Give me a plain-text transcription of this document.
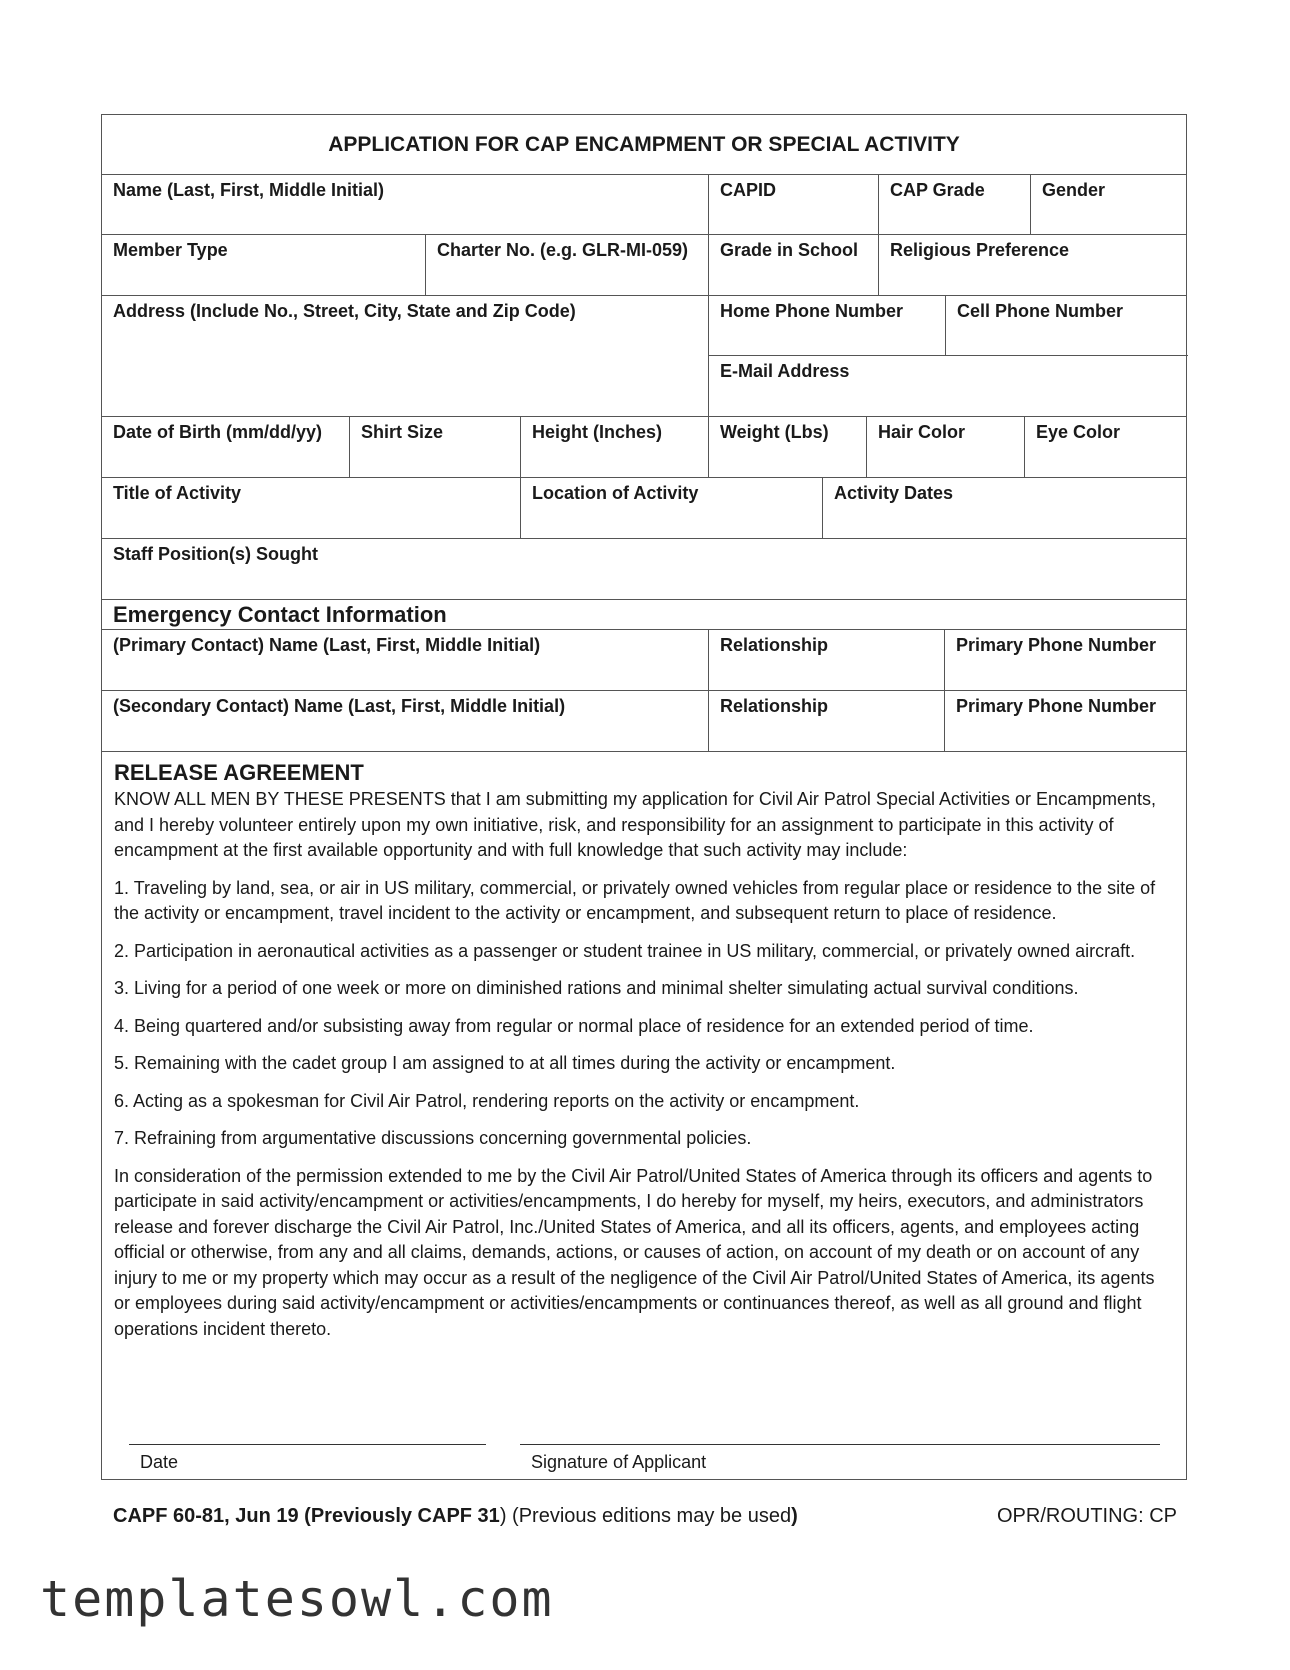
APPLICATION FOR CAP ENCAMPMENT OR SPECIAL ACTIVITY
Name (Last, First, Middle Initial)	CAPID	CAP Grade	Gender
Member Type	Charter No. (e.g. GLR-MI-059)	Grade in School	Religious Preference
Address (Include No., Street, City, State and Zip Code)	Home Phone Number	Cell Phone Number
E-Mail Address
Date of Birth (mm/dd/yy)	Shirt Size	Height (Inches)	Weight (Lbs)	Hair Color	Eye Color
Title of Activity	Location of Activity	Activity Dates
Staff Position(s) Sought
Emergency Contact Information
(Primary Contact) Name (Last, First, Middle Initial)	Relationship	Primary Phone Number
(Secondary Contact) Name (Last, First, Middle Initial)	Relationship	Primary Phone Number
RELEASE AGREEMENT

KNOW ALL MEN BY THESE PRESENTS that I am submitting my application for Civil Air Patrol Special Activities or Encampments, and I hereby volunteer entirely upon my own initiative, risk, and responsibility for an assignment to participate in this activity of encampment at the first available opportunity and with full knowledge that such activity may include:

1. Traveling by land, sea, or air in US military, commercial, or privately owned vehicles from regular place or residence to the site of the activity or encampment, travel incident to the activity or encampment, and subsequent return to place of residence.
2. Participation in aeronautical activities as a passenger or student trainee in US military, commercial, or privately owned aircraft.
3. Living for a period of one week or more on diminished rations and minimal shelter simulating actual survival conditions.
4. Being quartered and/or subsisting away from regular or normal place of residence for an extended period of time.
5. Remaining with the cadet group I am assigned to at all times during the activity or encampment.
6. Acting as a spokesman for Civil Air Patrol, rendering reports on the activity or encampment.
7. Refraining from argumentative discussions concerning governmental policies.

In consideration of the permission extended to me by the Civil Air Patrol/United States of America through its officers and agents to participate in said activity/encampment or activities/encampments, I do hereby for myself, my heirs, executors, and administrators release and forever discharge the Civil Air Patrol, Inc./United States of America, and all its officers, agents, and employees acting official or otherwise, from any and all claims, demands, actions, or causes of action, on account of my death or on account of any injury to me or my property which may occur as a result of the negligence of the Civil Air Patrol/United States of America, its agents or employees during said activity/encampment or activities/encampments or continuances thereof, as well as all ground and flight operations incident thereto.

Date	Signature of Applicant
CAPF 60-81, Jun 19 (Previously CAPF 31) (Previous editions may be used)	OPR/ROUTING: CP
templatesowl.com
